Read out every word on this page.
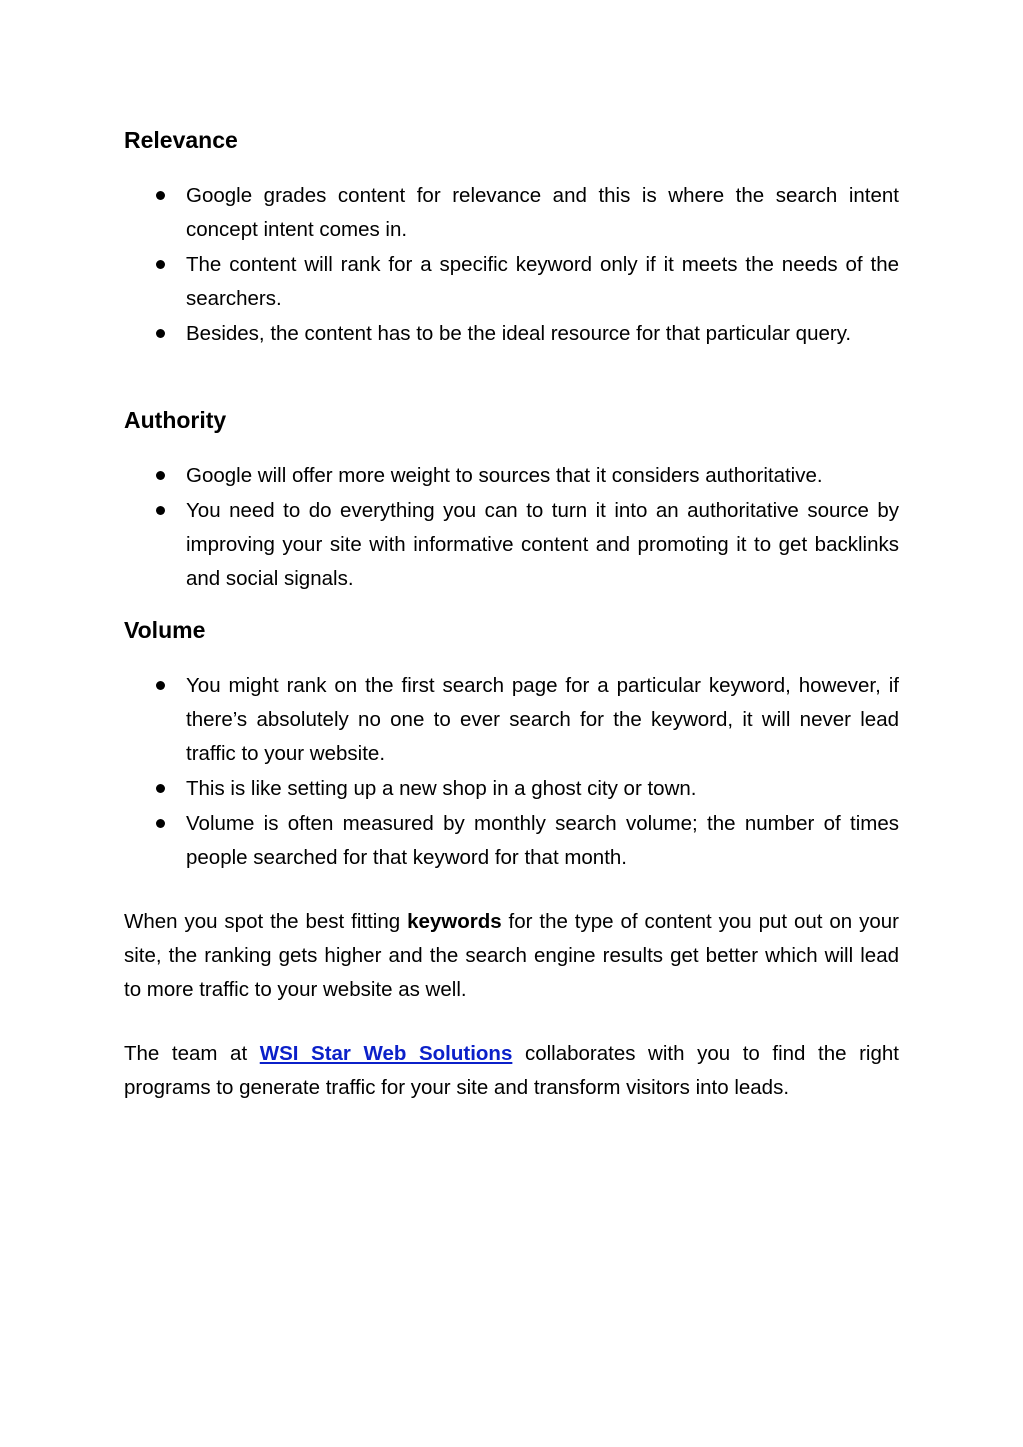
Relevance
Google grades content for relevance and this is where the search intent concept intent comes in.
The content will rank for a specific keyword only if it meets the needs of the searchers.
Besides, the content has to be the ideal resource for that particular query.
Authority
Google will offer more weight to sources that it considers authoritative.
You need to do everything you can to turn it into an authoritative source by improving your site with informative content and promoting it to get backlinks and social signals.
Volume
You might rank on the first search page for a particular keyword, however, if there’s absolutely no one to ever search for the keyword, it will never lead traffic to your website.
This is like setting up a new shop in a ghost city or town.
Volume is often measured by monthly search volume; the number of times people searched for that keyword for that month.

When you spot the best fitting keywords for the type of content you put out on your site, the ranking gets higher and the search engine results get better which will lead to more traffic to your website as well.

The team at WSI Star Web Solutions collaborates with you to find the right programs to generate traffic for your site and transform visitors into leads.
